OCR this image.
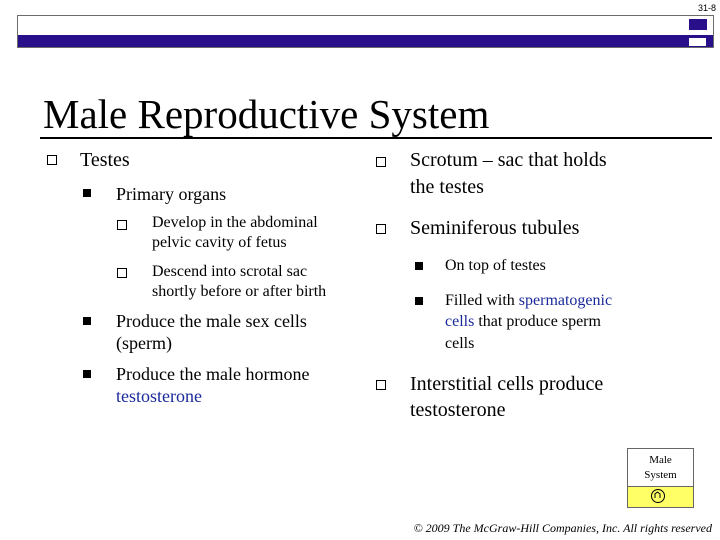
31-8
Male Reproductive System
Testes
Primary organs
Develop in the abdominal
pelvic cavity of fetus
Descend into scrotal sac
shortly before or after birth
Produce the male sex cells
(sperm)
Produce the male hormone
testosterone
Scrotum – sac that holds
the testes
Seminiferous tubules
On top of testes
Filled with spermatogenic
cells that produce sperm
cells
Interstitial cells produce
testosterone
Male
System
© 2009 The McGraw-Hill Companies, Inc. All rights reserved
